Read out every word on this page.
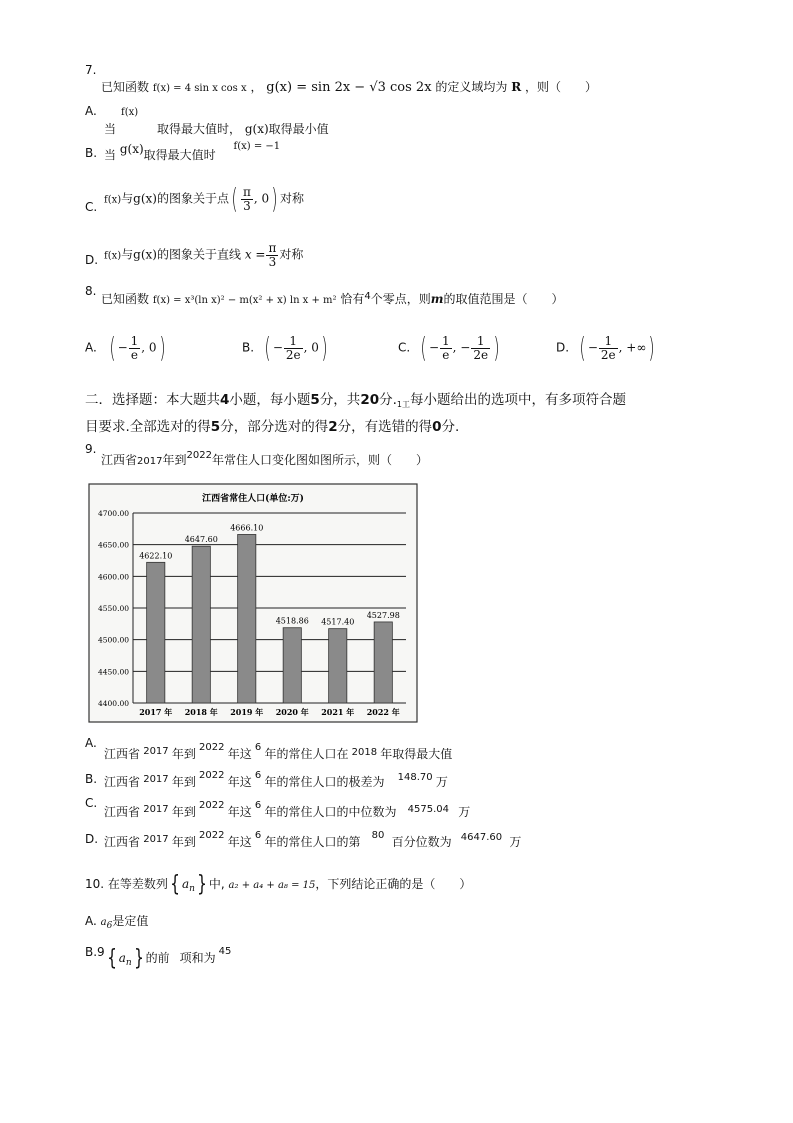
7.
已知函数 f(x) = 4 sin x cos x ， g(x) = sin 2x − √3 cos 2x 的定义域均为 R ，则（　　）
A. f(x)
当	取得最大值时， g(x)取得最小值
B. 当 g(x)取得最大值时 $^{f(x) = -1}$
C. f(x)与g(x)的图象关于点( $\frac{\pi}{3}$ , 0) 对称
D. f(x)与g(x)的图象关于直线 $x = \frac{\pi}{3}$ 对称
8.
已知函数 f(x) = x³(ln x)² − m(x² + x) ln x + m² 恰有$^4$个零点，则m的取值范围是（　　）
A. ( − $\frac{1}{e}$ , 0)	B. ( − $\frac{1}{2e}$ , 0)	C. ( − $\frac{1}{e}$ , − $\frac{1}{2e}$ )	D. ( − $\frac{1}{2e}$ , +∞)
二．选择题：本大题共4小题，每小题5分，共20分$._{1工}$每小题给出的选项中，有多项符合题
目要求·全部选对的得5分，部分选对的得2分，有选错的得0分.
9.
江西省2017年到$^{2022}$年常住人口变化图如图所示，则（　　）
江西省常住人口(单位:万)
4400.00
4450.00
4500.00
4550.00
4600.00
4650.00
4700.00
4622.10
4647.60
4666.10
4518.86 4517.40
4527.98
2017 年 2018 年 2019 年 2020 年 2021 年 2022 年
A.
江西省 $^{2017}$ 年到 $^{2022}$ 年这 $^6$ 年的常住人口在 $^{2018}$ 年取得最大值
B. 江西省 $^{2017}$ 年到 $^{2022}$ 年这 $^6$ 年的常住人口的极差为 $^{148.70}$ 万
C.
江西省 $^{2017}$ 年到 $^{2022}$ 年这 $^6$ 年的常住人口的中位数为 $^{4575.04}$ 万
D. 江西省 $^{2017}$ 年到 $^{2022}$ 年这 $^6$ 年的常住人口的第 $^{80}$ 百分位数为 $^{4647.60}$ 万
10. 在等差数列{ $a_n$} 中, a₂ + a₄ + a₈ = 15，下列结论正确的是（　　）
A. a6是定值
B.9{ $a_n$} 的前 项和为 $^{45}$
